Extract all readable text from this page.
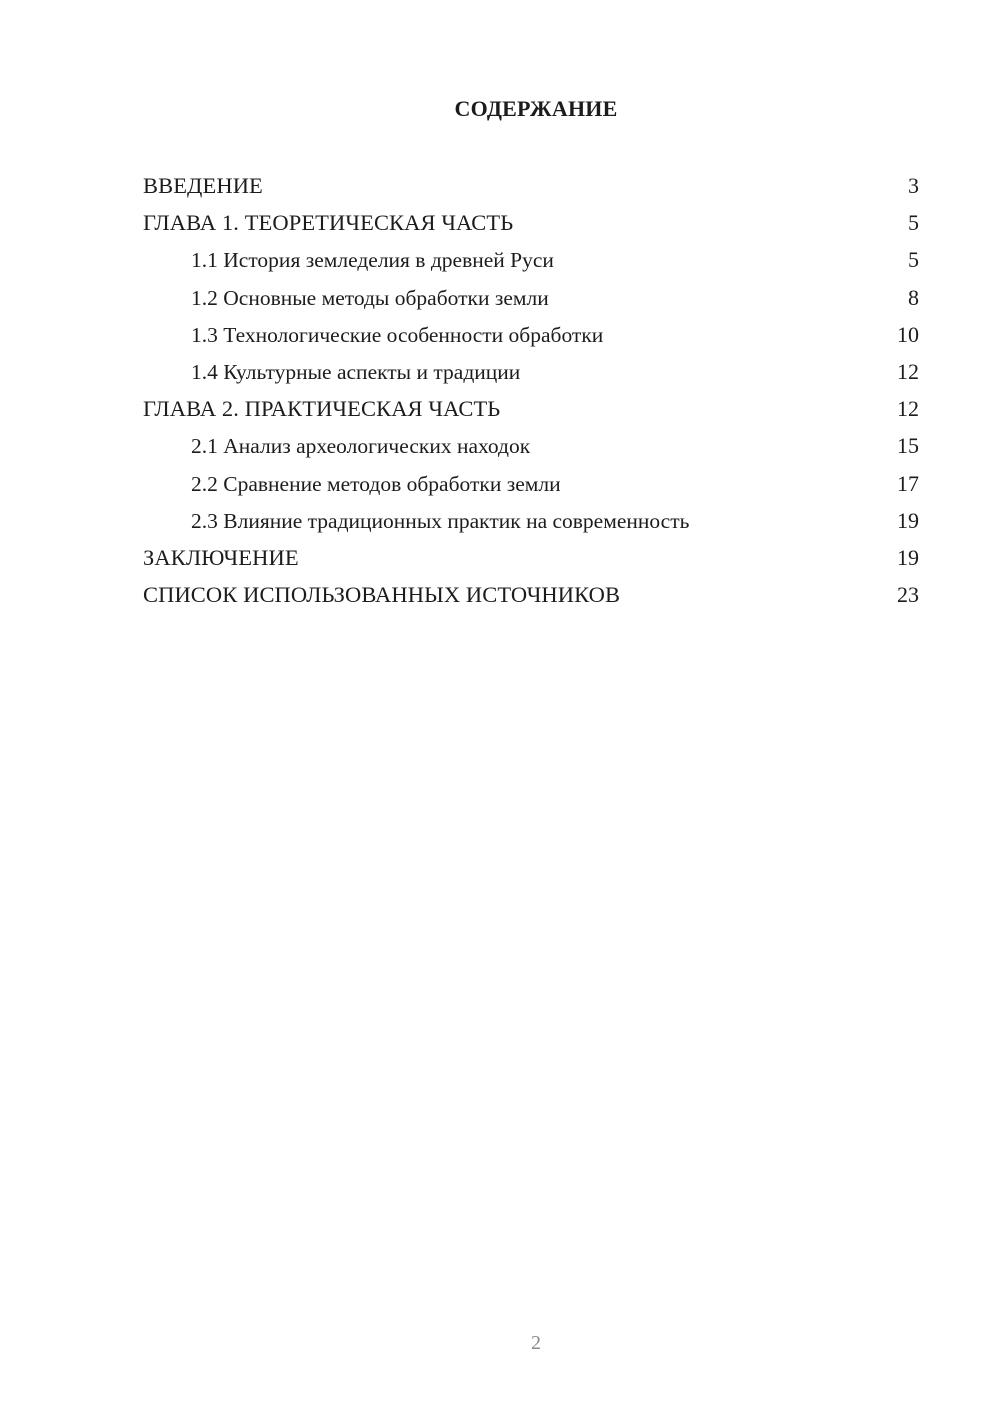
СОДЕРЖАНИЕ
ВВЕДЕНИЕ	3
ГЛАВА 1. ТЕОРЕТИЧЕСКАЯ ЧАСТЬ	5
1.1 История земледелия в древней Руси	5
1.2 Основные методы обработки земли	8
1.3 Технологические особенности обработки	10
1.4 Культурные аспекты и традиции	12
ГЛАВА 2. ПРАКТИЧЕСКАЯ ЧАСТЬ	12
2.1 Анализ археологических находок	15
2.2 Сравнение методов обработки земли	17
2.3 Влияние традиционных практик на современность	19
ЗАКЛЮЧЕНИЕ	19
СПИСОК ИСПОЛЬЗОВАННЫХ ИСТОЧНИКОВ	23
2
